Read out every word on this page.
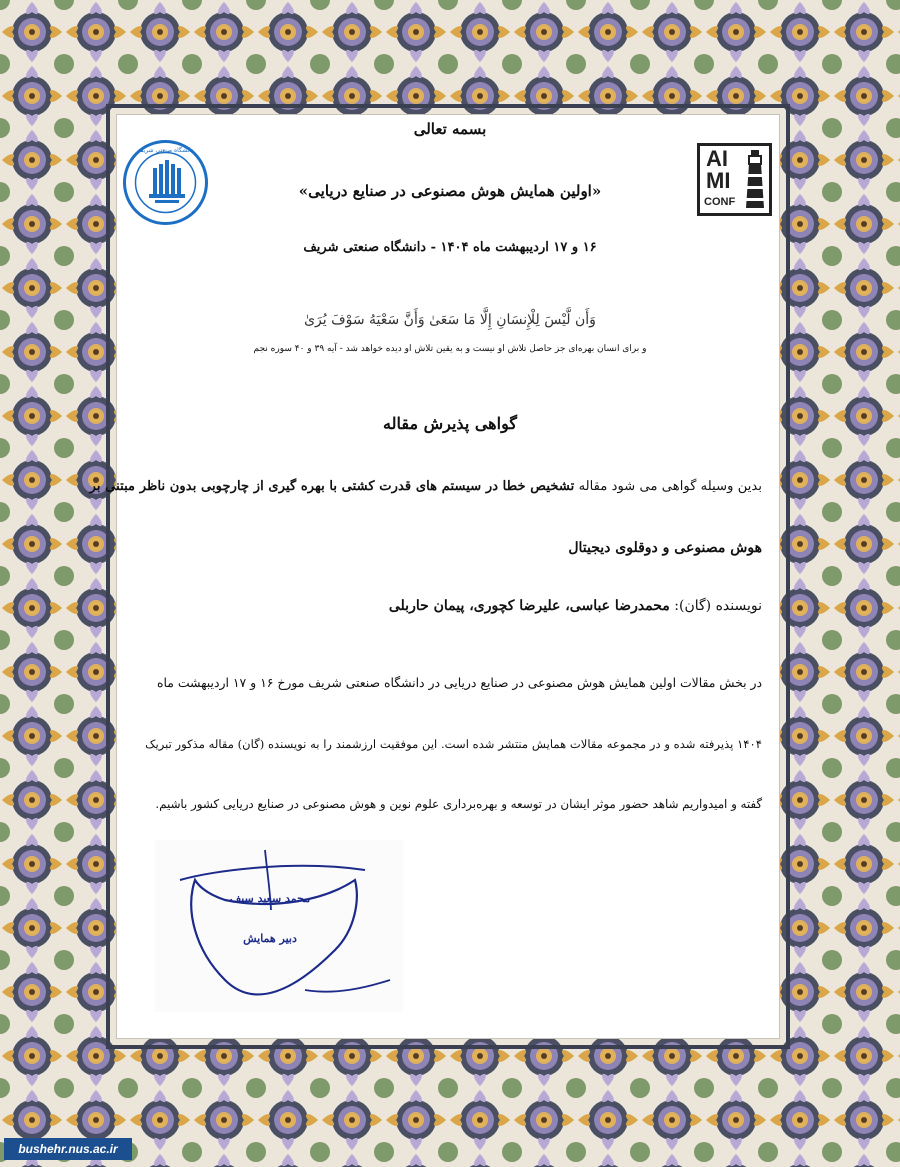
دانشگاه صنعتی شریف	AI
MI
CONF
بسمه تعالی
«اولین همایش هوش مصنوعی در صنایع دریایی»
۱۶ و ۱۷ اردیبهشت ماه ۱۴۰۴ - دانشگاه صنعتی شریف
وَأَن لَّيْسَ لِلْإِنسَانِ إِلَّا مَا سَعَىٰ وَأَنَّ سَعْيَهُ سَوْفَ يُرَىٰ
و برای انسان بهره‌ای جز حاصل تلاش او نیست و به یقین تلاش او دیده خواهد شد - آیه ۳۹ و ۴۰ سوره نجم
گواهی پذیرش مقاله
بدین وسیله گواهی می شود مقاله تشخیص خطا در سیستم های قدرت کشتی با بهره گیری از چارچوبی بدون ناظر مبتنی بر
هوش مصنوعی و دوقلوی دیجیتال
نویسنده (گان): محمدرضا عباسی، علیرضا کچوری، پیمان حاربلی
در بخش مقالات اولین همایش هوش مصنوعی در صنایع دریایی در دانشگاه صنعتی شریف مورخ ۱۶ و ۱۷ اردیبهشت ماه
۱۴۰۴ پذیرفته شده و در مجموعه مقالات همایش منتشر شده است. این موفقیت ارزشمند را به نویسنده (گان) مقاله مذکور تبریک
گفته و امیدواریم شاهد حضور موثر ایشان در توسعه و بهره‌برداری علوم نوین و هوش مصنوعی در صنایع دریایی کشور باشیم.
محمد سعید سیف
دبیر همایش
bushehr.nus.ac.ir
